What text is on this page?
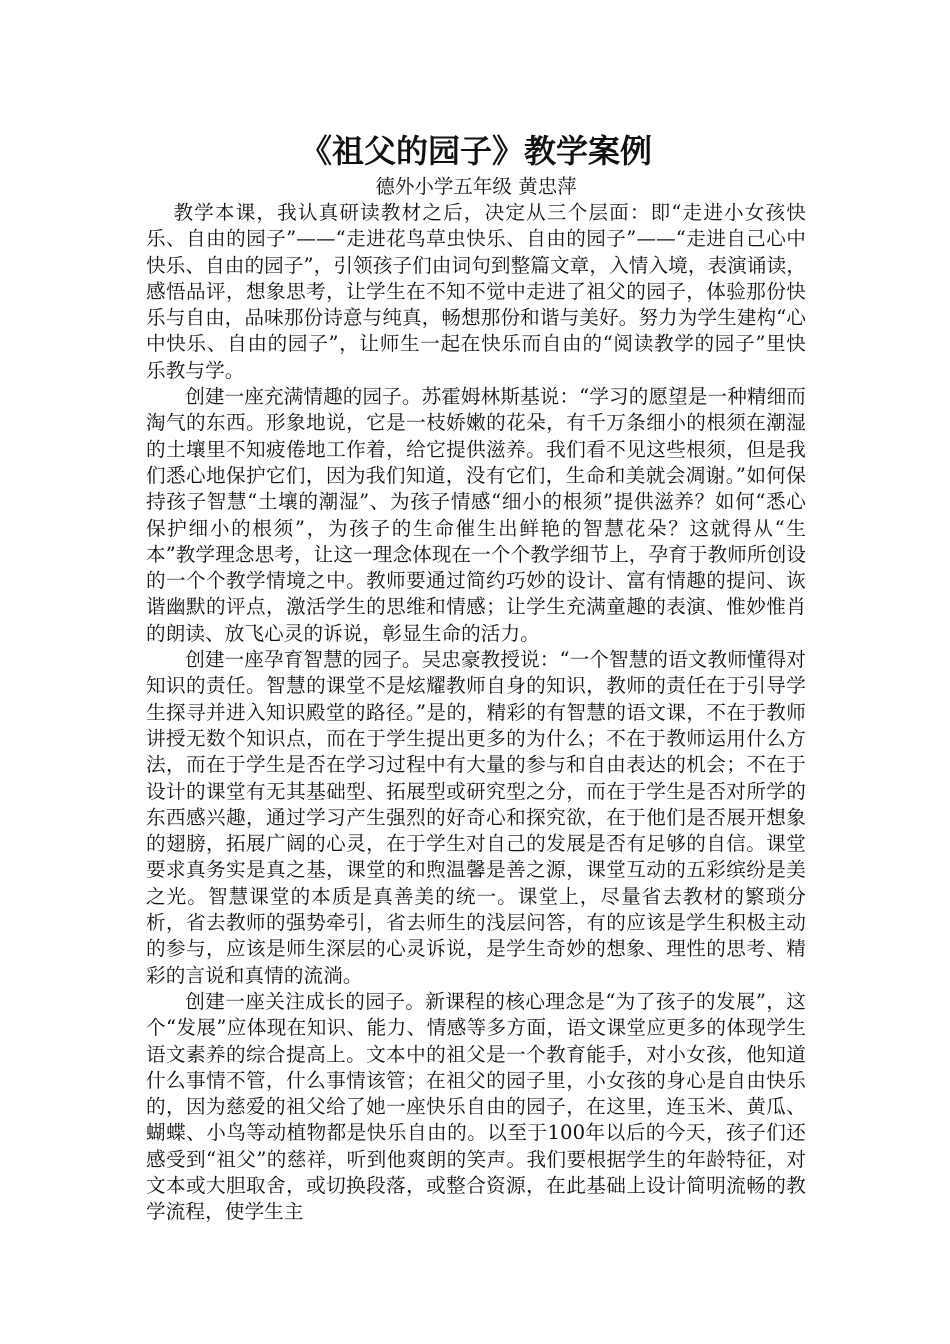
《祖父的园子》教学案例

德外小学五年级 黄忠萍

教学本课，我认真研读教材之后，决定从三个层面：即“走进小女孩快乐、自由的园子”——“走进花鸟草虫快乐、自由的园子”——“走进自己心中快乐、自由的园子”，引领孩子们由词句到整篇文章，入情入境，表演诵读，感悟品评，想象思考，让学生在不知不觉中走进了祖父的园子，体验那份快乐与自由，品味那份诗意与纯真，畅想那份和谐与美好。努力为学生建构“心中快乐、自由的园子”，让师生一起在快乐而自由的“阅读教学的园子”里快乐教与学。

创建一座充满情趣的园子。苏霍姆林斯基说：“学习的愿望是一种精细而淘气的东西。形象地说，它是一枝娇嫩的花朵，有千万条细小的根须在潮湿的土壤里不知疲倦地工作着，给它提供滋养。我们看不见这些根须，但是我们悉心地保护它们，因为我们知道，没有它们，生命和美就会凋谢。”如何保持孩子智慧“土壤的潮湿”、为孩子情感“细小的根须”提供滋养？如何“悉心保护细小的根须”，为孩子的生命催生出鲜艳的智慧花朵？这就得从“生本”教学理念思考，让这一理念体现在一个个教学细节上，孕育于教师所创设的一个个教学情境之中。教师要通过简约巧妙的设计、富有情趣的提问、诙谐幽默的评点，激活学生的思维和情感；让学生充满童趣的表演、惟妙惟肖的朗读、放飞心灵的诉说，彰显生命的活力。

创建一座孕育智慧的园子。吴忠豪教授说：“一个智慧的语文教师懂得对知识的责任。智慧的课堂不是炫耀教师自身的知识，教师的责任在于引导学生探寻并进入知识殿堂的路径。”是的，精彩的有智慧的语文课，不在于教师讲授无数个知识点，而在于学生提出更多的为什么；不在于教师运用什么方法，而在于学生是否在学习过程中有大量的参与和自由表达的机会；不在于设计的课堂有无其基础型、拓展型或研究型之分，而在于学生是否对所学的东西感兴趣，通过学习产生强烈的好奇心和探究欲，在于他们是否展开想象的翅膀，拓展广阔的心灵，在于学生对自己的发展是否有足够的自信。课堂要求真务实是真之基，课堂的和煦温馨是善之源，课堂互动的五彩缤纷是美之光。智慧课堂的本质是真善美的统一。课堂上，尽量省去教材的繁琐分析，省去教师的强势牵引，省去师生的浅层问答，有的应该是学生积极主动的参与，应该是师生深层的心灵诉说，是学生奇妙的想象、理性的思考、精彩的言说和真情的流淌。

创建一座关注成长的园子。新课程的核心理念是“为了孩子的发展”，这个“发展”应体现在知识、能力、情感等多方面，语文课堂应更多的体现学生语文素养的综合提高上。文本中的祖父是一个教育能手，对小女孩，他知道什么事情不管，什么事情该管；在祖父的园子里，小女孩的身心是自由快乐的，因为慈爱的祖父给了她一座快乐自由的园子，在这里，连玉米、黄瓜、蝴蝶、小鸟等动植物都是快乐自由的。以至于100年以后的今天，孩子们还感受到“祖父”的慈祥，听到他爽朗的笑声。我们要根据学生的年龄特征，对文本或大胆取舍，或切换段落，或整合资源，在此基础上设计简明流畅的教学流程，使学生主
